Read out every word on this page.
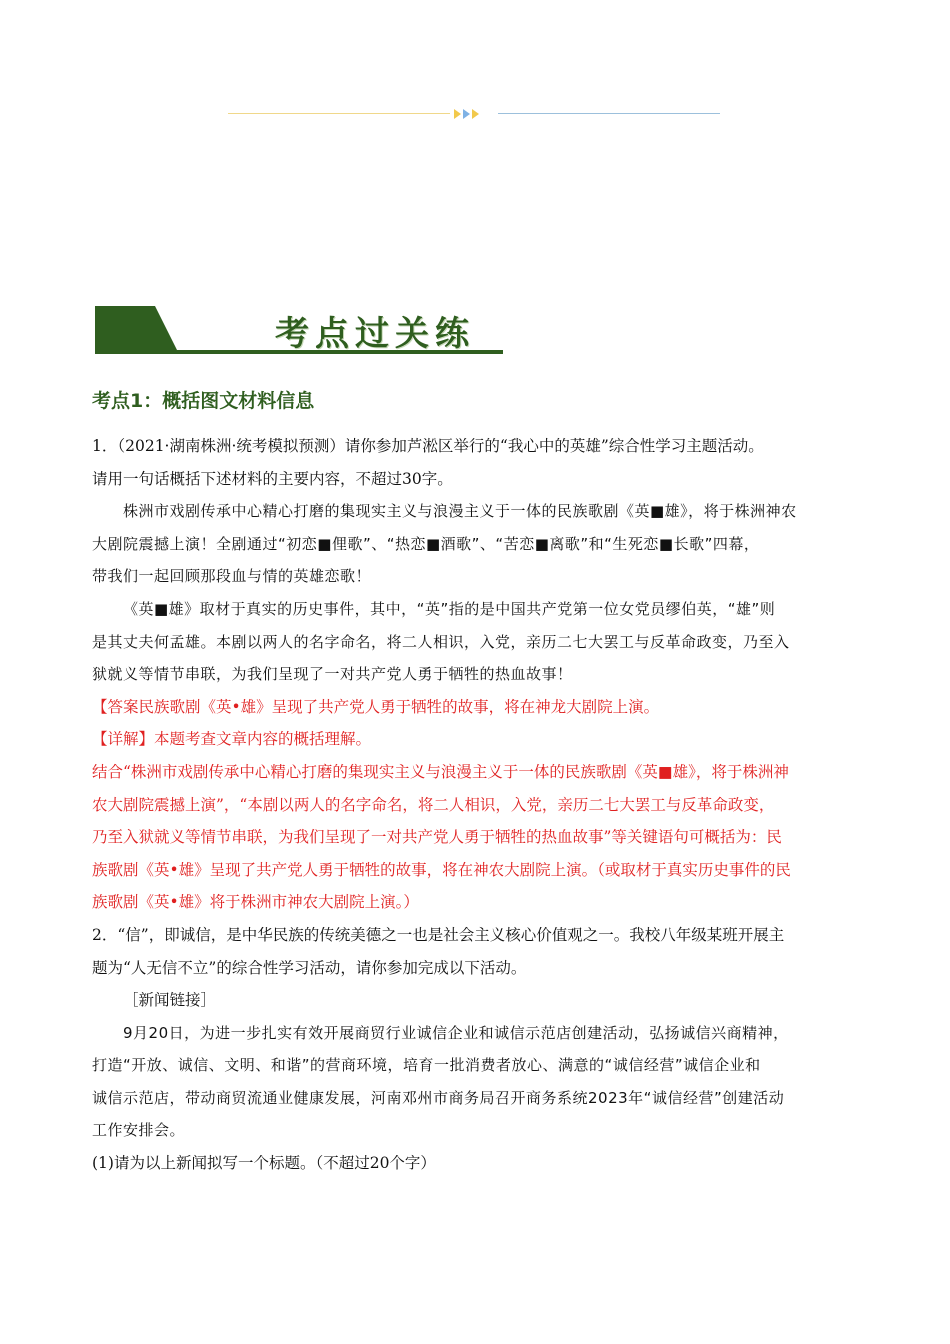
考点过关练
考点1：概括图文材料信息

1．（2021·湖南株洲·统考模拟预测）请你参加芦淞区举行的“我心中的英雄”综合性学习主题活动。

请用一句话概括下述材料的主要内容，不超过30字。

株洲市戏剧传承中心精心打磨的集现实主义与浪漫主义于一体的民族歌剧《英■雄》，将于株洲神农

大剧院震撼上演！全剧通过“初恋■俚歌”、“热恋■酒歌”、“苦恋■离歌”和“生死恋■长歌”四幕，

带我们一起回顾那段血与情的英雄恋歌！

《英■雄》取材于真实的历史事件，其中，“英”指的是中国共产党第一位女党员缪伯英，“雄”则

是其丈夫何孟雄。本剧以两人的名字命名，将二人相识，入党，亲历二七大罢工与反革命政变，乃至入

狱就义等情节串联，为我们呈现了一对共产党人勇于牺牲的热血故事！

【答案民族歌剧《英•雄》呈现了共产党人勇于牺牲的故事，将在神龙大剧院上演。

【详解】本题考查文章内容的概括理解。

结合“株洲市戏剧传承中心精心打磨的集现实主义与浪漫主义于一体的民族歌剧《英■雄》，将于株洲神

农大剧院震撼上演”，“本剧以两人的名字命名，将二人相识，入党，亲历二七大罢工与反革命政变，

乃至入狱就义等情节串联，为我们呈现了一对共产党人勇于牺牲的热血故事”等关键语句可概括为：民

族歌剧《英•雄》呈现了共产党人勇于牺牲的故事，将在神农大剧院上演。（或取材于真实历史事件的民

族歌剧《英•雄》将于株洲市神农大剧院上演。）

2．“信”，即诚信，是中华民族的传统美德之一也是社会主义核心价值观之一。我校八年级某班开展主

题为“人无信不立”的综合性学习活动，请你参加完成以下活动。

［新闻链接］

9月20日，为进一步扎实有效开展商贸行业诚信企业和诚信示范店创建活动，弘扬诚信兴商精神，

打造“开放、诚信、文明、和谐”的营商环境，培育一批消费者放心、满意的“诚信经营”诚信企业和

诚信示范店，带动商贸流通业健康发展，河南邓州市商务局召开商务系统2023年“诚信经营”创建活动

工作安排会。

(1)请为以上新闻拟写一个标题。（不超过20个字）
